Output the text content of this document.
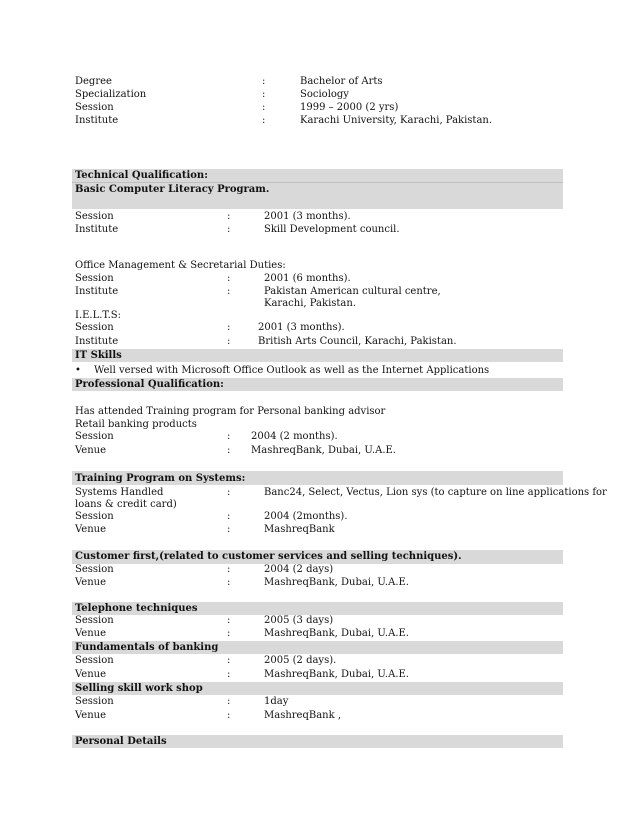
Degree	:	Bachelor of Arts
Specialization	:	Sociology
Session	:	1999 – 2000 (2 yrs)
Institute	:	Karachi University, Karachi, Pakistan.
Technical Qualification:
Basic Computer Literacy Program.
Session	:	2001 (3 months).
Institute	:	Skill Development council.
Office Management & Secretarial Duties:
Session	:	2001 (6 months).
Institute	:	Pakistan American cultural centre,
Karachi, Pakistan.
I.E.L.T.S:
Session	:	2001 (3 months).
Institute	:	British Arts Council, Karachi, Pakistan.
IT Skills
• Well versed with Microsoft Office Outlook as well as the Internet Applications
Professional Qualification:
Has attended Training program for Personal banking advisor
Retail banking products
Session	: 2004 (2 months).
Venue	: MashreqBank, Dubai, U.A.E.
Training Program on Systems:
Systems Handled	:	Banc24, Select, Vectus, Lion sys (to capture on line applications for
loans & credit card)
Session	:	2004 (2months).
Venue	:	MashreqBank
Customer first,(related to customer services and selling techniques).
Session	:	2004 (2 days)
Venue	:	MashreqBank, Dubai, U.A.E.
Telephone techniques
Session	:	2005 (3 days)
Venue	:	MashreqBank, Dubai, U.A.E.
Fundamentals of banking
Session	:	2005 (2 days).
Venue	:	MashreqBank, Dubai, U.A.E.
Selling skill work shop
Session	:	1day
Venue	:	MashreqBank ,
Personal Details
